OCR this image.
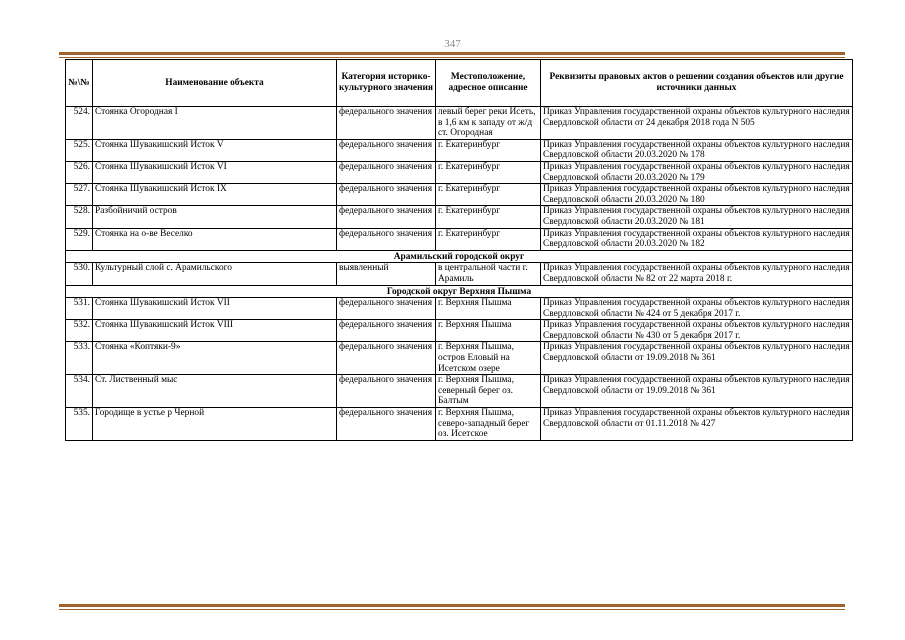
347
№\№	Наименование объекта	Категория историко-культурного значения	Местоположение, адресное описание	Реквизиты правовых актов о решении создания объектов или другие источники данных
524.	Стоянка Огородная I	федерального значения	левый берег реки Исеть, в 1,6 км к западу от ж/д ст. Огородная	Приказ Управления государственной охраны объектов культурного наследия Свердловской области от 24 декабря 2018 года N 505
525.	Стоянка Шувакишский Исток V	федерального значения	г. Екатеринбург	Приказ Управления государственной охраны объектов культурного наследия Свердловской области 20.03.2020 № 178
526.	Стоянка Шувакишский Исток VI	федерального значения	г. Екатеринбург	Приказ Управления государственной охраны объектов культурного наследия Свердловской области 20.03.2020 № 179
527.	Стоянка Шувакишский Исток IX	федерального значения	г. Екатеринбург	Приказ Управления государственной охраны объектов культурного наследия Свердловской области 20.03.2020 № 180
528.	Разбойничий остров	федерального значения	г. Екатеринбург	Приказ Управления государственной охраны объектов культурного наследия Свердловской области 20.03.2020 № 181
529.	Стоянка на о-ве Веселко	федерального значения	г. Екатеринбург	Приказ Управления государственной охраны объектов культурного наследия Свердловской области 20.03.2020 № 182
Арамильский городской округ				
530.	Культурный слой с. Арамильского	выявленный	в центральной части г. Арамиль	Приказ Управления государственной охраны объектов культурного наследия Свердловской области № 82 от 22 марта 2018 г.
Городской округ Верхняя Пышма				
531.	Стоянка Шувакишский Исток VII	федерального значения	г. Верхняя Пышма	Приказ Управления государственной охраны объектов культурного наследия Свердловской области № 424 от 5 декабря 2017 г.
532.	Стоянка Шувакишский Исток VIII	федерального значения	г. Верхняя Пышма	Приказ Управления государственной охраны объектов культурного наследия Свердловской области № 430 от 5 декабря 2017 г.
533.	Стоянка «Коптяки-9»	федерального значения	г. Верхняя Пышма, остров Еловый на Исетском озере	Приказ Управления государственной охраны объектов культурного наследия Свердловской области от 19.09.2018 № 361
534.	Ст. Лиственный мыс	федерального значения	г. Верхняя Пышма, северный берег оз. Балтым	Приказ Управления государственной охраны объектов культурного наследия Свердловской области от 19.09.2018 № 361
535.	Городище в устье р Черной	федерального значения	г. Верхняя Пышма, северо-западный берег оз. Исетское	Приказ Управления государственной охраны объектов культурного наследия Свердловской области от 01.11.2018 № 427
